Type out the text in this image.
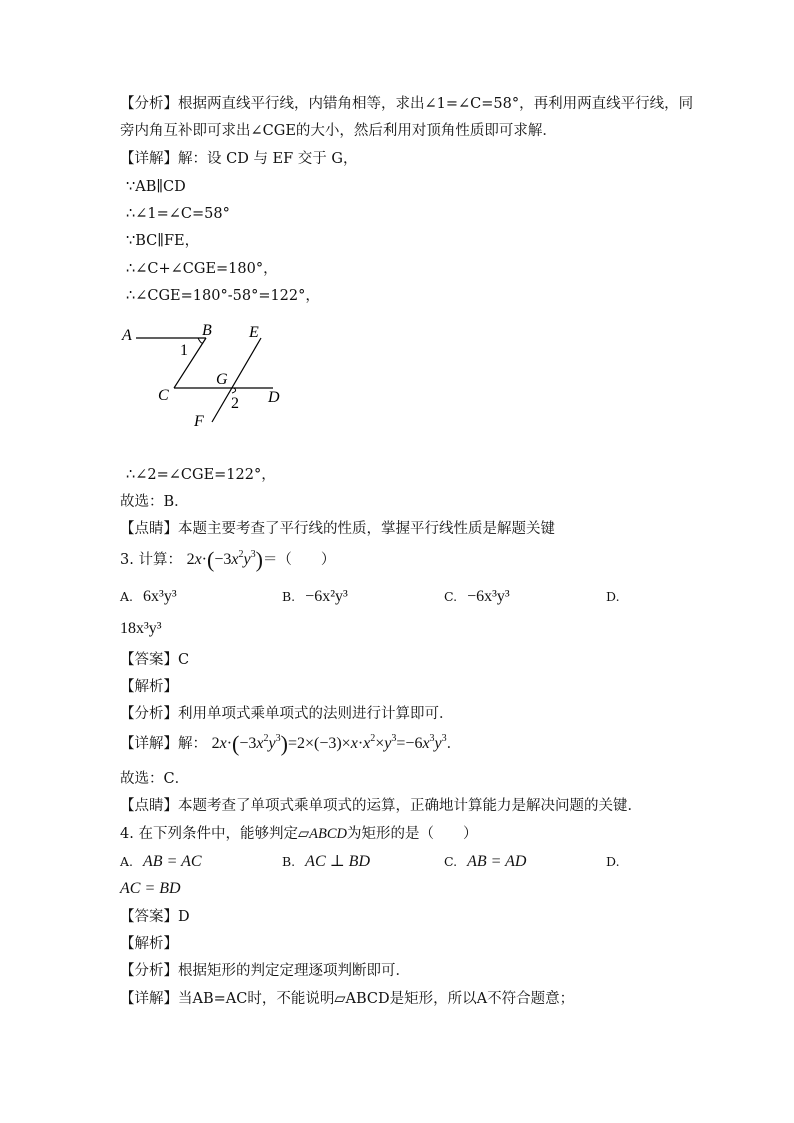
【分析】根据两直线平行线，内错角相等，求出∠1=∠C=58°，再利用两直线平行线，同
旁内角互补即可求出∠CGE的大小，然后利用对顶角性质即可求解．
【详解】解：设 CD 与 EF 交于 G，
∵AB∥CD
∴∠1=∠C=58°
∵BC∥FE，
∴∠C+∠CGE=180°，
∴∠CGE=180°-58°=122°，
A	B E
1
C
G
2 D
F
∴∠2=∠CGE=122°，
故选：B．
【点睛】本题主要考查了平行线的性质，掌握平行线性质是解题关键
3. 计算： $2x\cdot(-3x^2y^3)=$（　　）
A. 6x³y³	B. −6x²y³	C. −6x³y³	D.
18x³y³
【答案】C
【解析】
【分析】利用单项式乘单项式的法则进行计算即可．
【详解】解： $2x\cdot(-3x^2y^3)=2\times(-3)\times x\cdot x^2\times y^3=-6x^3y^3$．
故选：C．
【点睛】本题考查了单项式乘单项式的运算，正确地计算能力是解决问题的关键．
4. 在下列条件中，能够判定▱ABCD为矩形的是（　　）
A. AB = AC	B. AC ⊥ BD	C. AB = AD	D.
AC = BD
【答案】D
【解析】
【分析】根据矩形的判定定理逐项判断即可．
【详解】当AB=AC时，不能说明▱ABCD是矩形，所以A不符合题意；
